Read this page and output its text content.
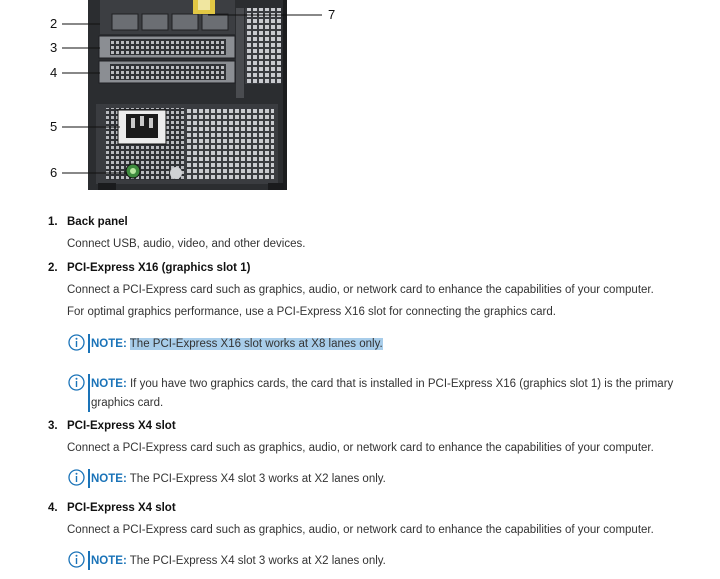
2
3
4
5
6
7
1. Back panel
Connect USB, audio, video, and other devices.
2. PCI-Express X16 (graphics slot 1)
Connect a PCI-Express card such as graphics, audio, or network card to enhance the capabilities of your computer.
For optimal graphics performance, use a PCI-Express X16 slot for connecting the graphics card.
NOTE: The PCI-Express X16 slot works at X8 lanes only.
NOTE: If you have two graphics cards, the card that is installed in PCI-Express X16 (graphics slot 1) is the primary
graphics card.
3. PCI-Express X4 slot
Connect a PCI-Express card such as graphics, audio, or network card to enhance the capabilities of your computer.
NOTE: The PCI-Express X4 slot 3 works at X2 lanes only.
4. PCI-Express X4 slot
Connect a PCI-Express card such as graphics, audio, or network card to enhance the capabilities of your computer.
NOTE: The PCI-Express X4 slot 3 works at X2 lanes only.
